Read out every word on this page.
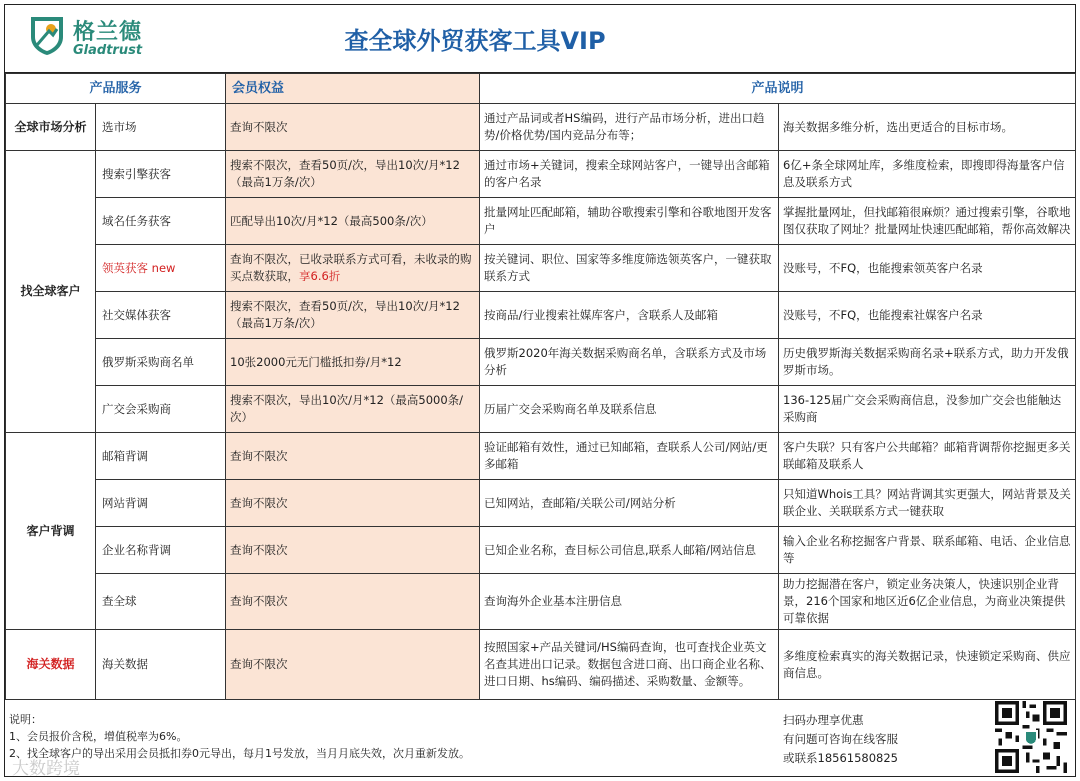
格兰德
Gladtrust	查全球外贸获客工具VIP
产品服务		会员权益	产品说明	
全球市场分析	选市场	查询不限次	通过产品词或者HS编码，进行产品市场分析，进出口趋势/价格优势/国内竞品分布等；	海关数据多维分析，选出更适合的目标市场。
找全球客户	搜索引擎获客	搜索不限次，查看50页/次，导出10次/月*12（最高1万条/次）	通过市场+关键词，搜索全球网站客户，一键导出含邮箱的客户名录	6亿+条全球网址库，多维度检索，即搜即得海量客户信息及联系方式
	域名任务获客	匹配导出10次/月*12（最高500条/次）	批量网址匹配邮箱，辅助谷歌搜索引擎和谷歌地图开发客户	掌握批量网址，但找邮箱很麻烦？通过搜索引擎，谷歌地图仅获取了网址？批量网址快速匹配邮箱，帮你高效解决
	领英获客 new	查询不限次，已收录联系方式可看，未收录的购买点数获取，享6.6折	按关键词、职位、国家等多维度筛选领英客户，一键获取联系方式	没账号，不FQ，也能搜索领英客户名录
	社交媒体获客	搜索不限次，查看50页/次，导出10次/月*12（最高1万条/次）	按商品/行业搜索社媒库客户，含联系人及邮箱	没账号，不FQ，也能搜索社媒客户名录
	俄罗斯采购商名单	10张2000元无门槛抵扣券/月*12	俄罗斯2020年海关数据采购商名单，含联系方式及市场分析	历史俄罗斯海关数据采购商名录+联系方式，助力开发俄罗斯市场。
	广交会采购商	搜索不限次，导出10次/月*12（最高5000条/次）	历届广交会采购商名单及联系信息	136-125届广交会采购商信息，没参加广交会也能触达采购商
客户背调	邮箱背调	查询不限次	验证邮箱有效性，通过已知邮箱，查联系人公司/网站/更多邮箱	客户失联？只有客户公共邮箱？邮箱背调帮你挖掘更多关联邮箱及联系人
	网站背调	查询不限次	已知网站，查邮箱/关联公司/网站分析	只知道Whois工具？网站背调其实更强大，网站背景及关联企业、关联联系方式一键获取
	企业名称背调	查询不限次	已知企业名称，查目标公司信息,联系人邮箱/网站信息	输入企业名称挖掘客户背景、联系邮箱、电话、企业信息等
	查全球	查询不限次	查询海外企业基本注册信息	助力挖掘潜在客户，锁定业务决策人，快速识别企业背景，216个国家和地区近6亿企业信息，为商业决策提供可靠依据
海关数据	海关数据	查询不限次	按照国家+产品关键词/HS编码查询，也可查找企业英文名查其进出口记录。数据包含进口商、出口商企业名称、进口日期、hs编码、编码描述、采购数量、金额等。	多维度检索真实的海关数据记录，快速锁定采购商、供应商信息。
说明：
1、会员报价含税，增值税率为6%。
2、找全球客户的导出采用会员抵扣券0元导出，每月1号发放，当月月底失效，次月重新发放。
扫码办理享优惠
有问题可咨询在线客服
或联系18561580825
大数跨境
